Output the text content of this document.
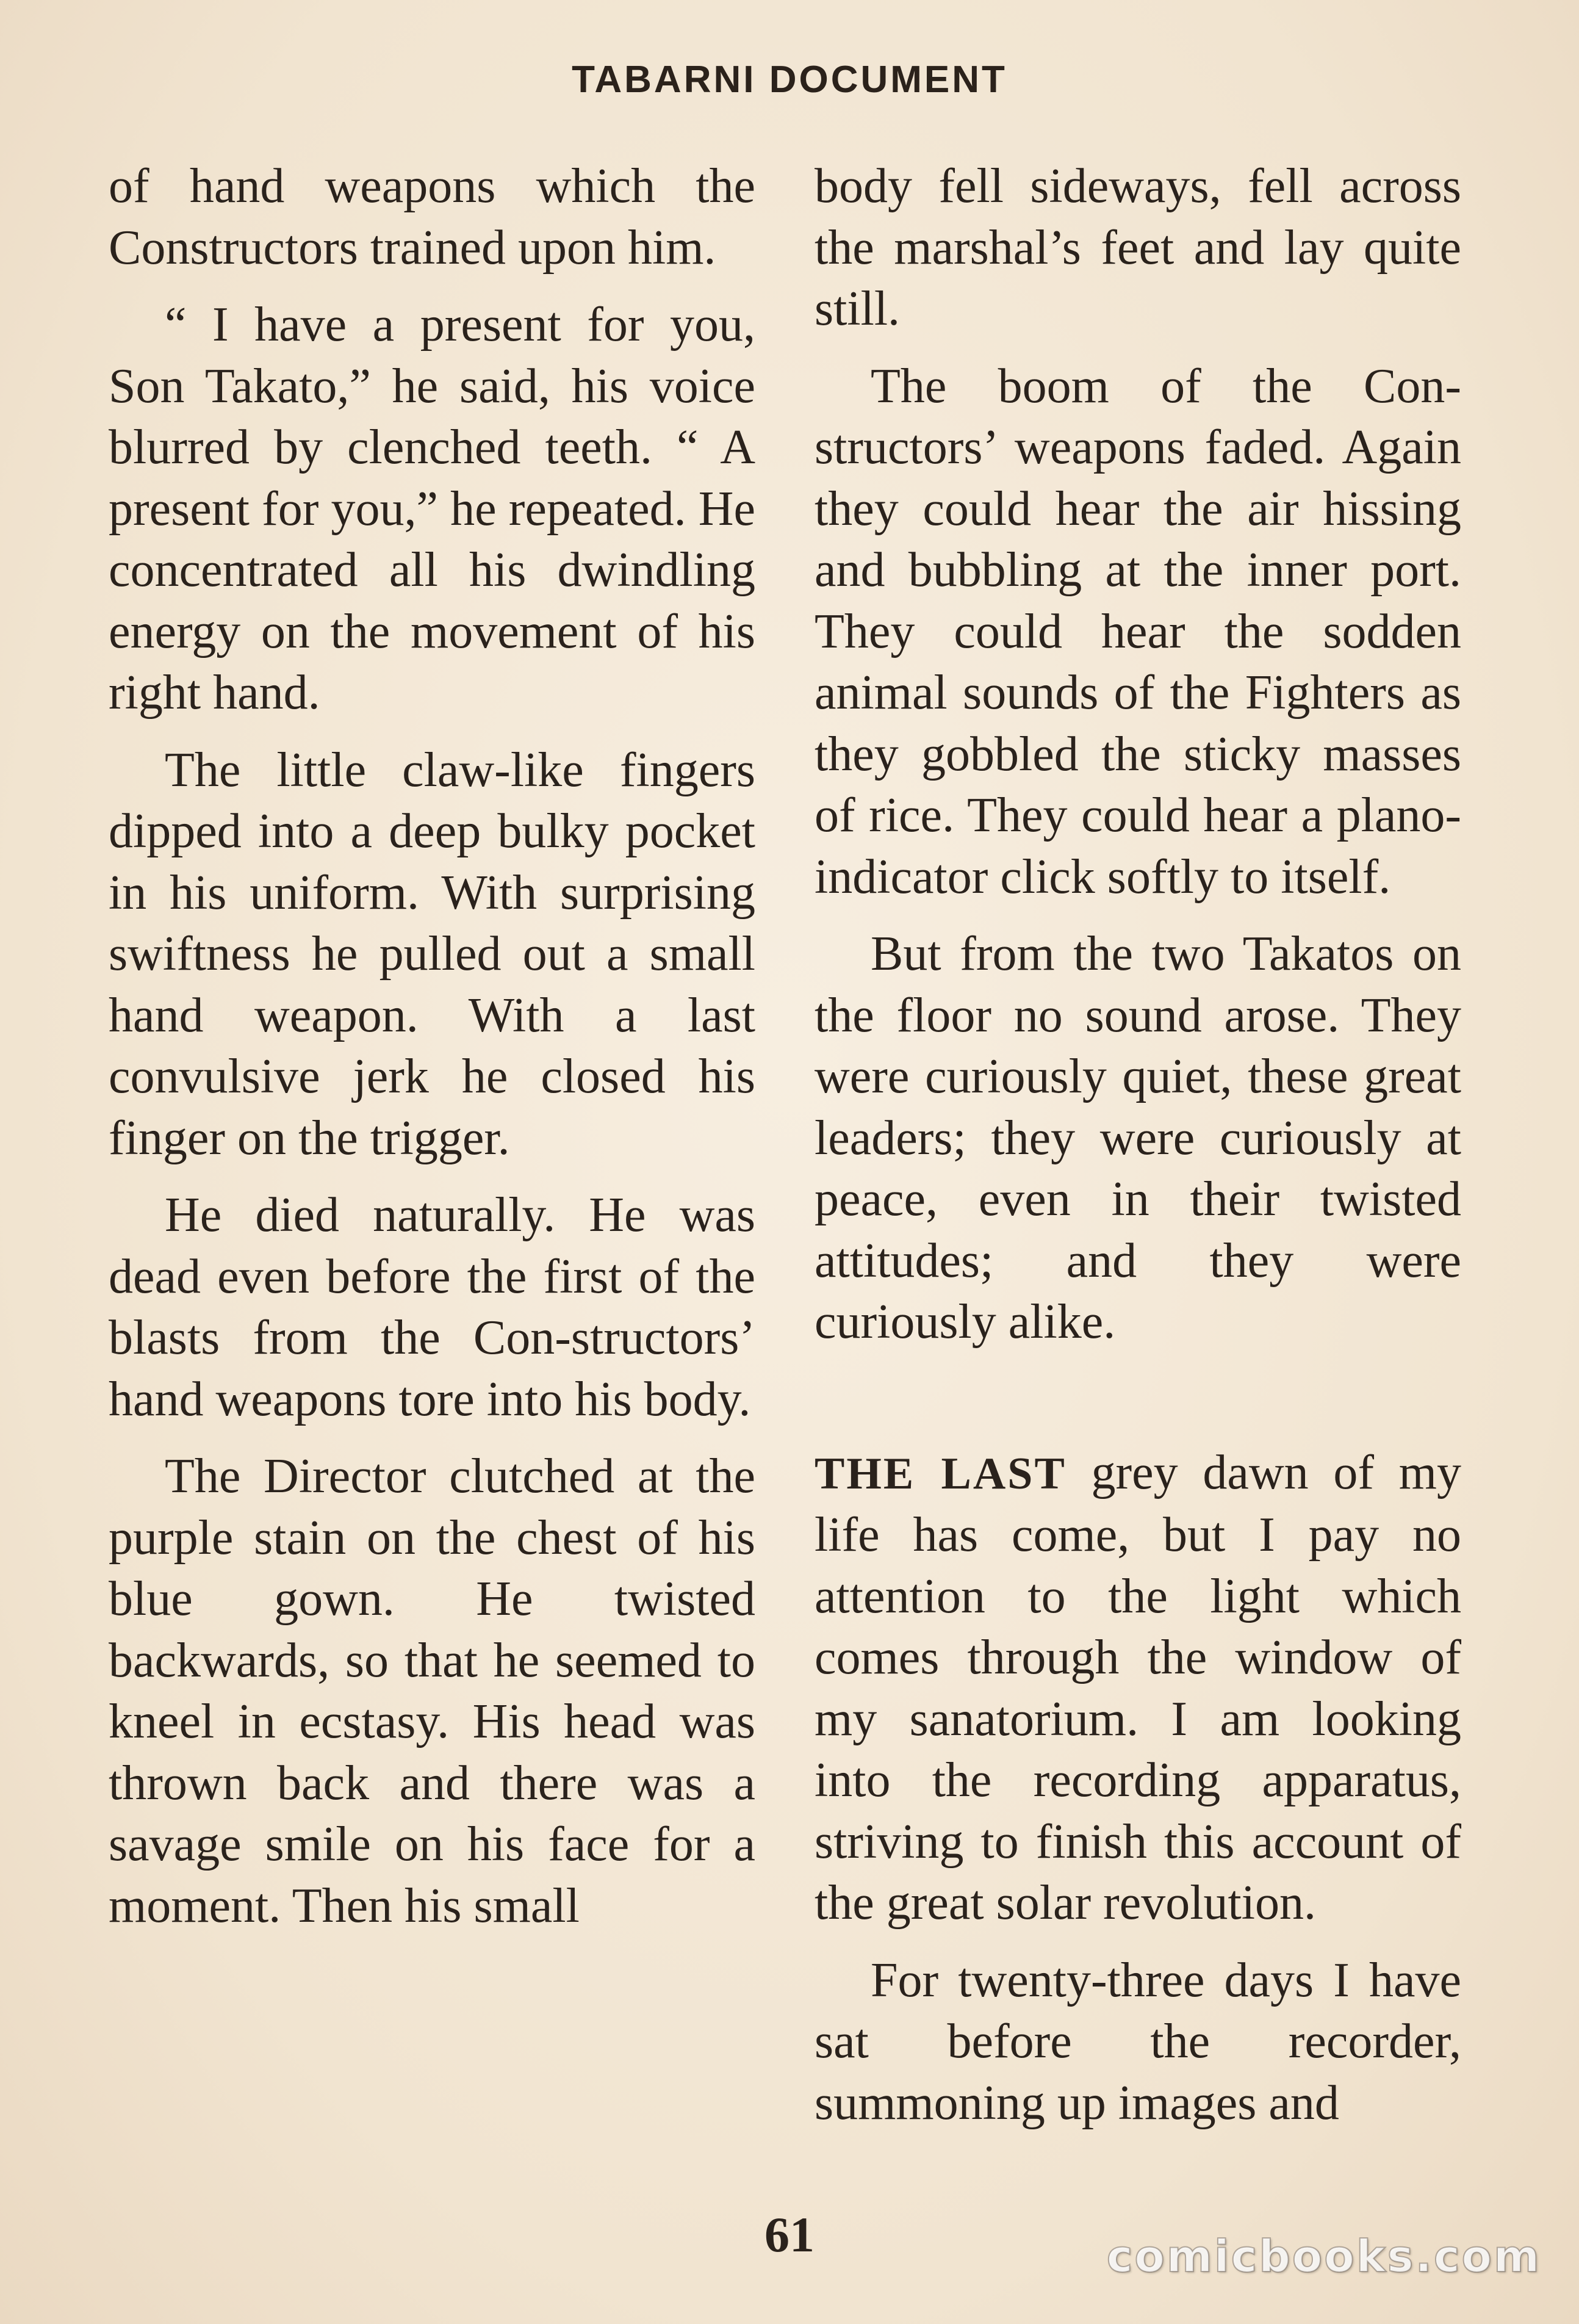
TABARNI DOCUMENT

of hand weapons which the Constructors trained upon him.

“ I have a present for you, Son Takato,” he said, his voice blurred by clenched teeth. “ A present for you,” he repeated. He concentrated all his dwindling energy on the movement of his right hand.

The little claw-like fingers dipped into a deep bulky pocket in his uniform. With surprising swiftness he pulled out a small hand weapon. With a last convulsive jerk he closed his finger on the trigger.

He died naturally. He was dead even before the first of the blasts from the Con-structors’ hand weapons tore into his body.

The Director clutched at the purple stain on the chest of his blue gown. He twisted backwards, so that he seemed to kneel in ecstasy. His head was thrown back and there was a savage smile on his face for a moment. Then his small

body fell sideways, fell across the marshal’s feet and lay quite still.

The boom of the Con-structors’ weapons faded. Again they could hear the air hissing and bubbling at the inner port. They could hear the sodden animal sounds of the Fighters as they gobbled the sticky masses of rice. They could hear a plano-indicator click softly to itself.

But from the two Takatos on the floor no sound arose. They were curiously quiet, these great leaders; they were curiously at peace, even in their twisted attitudes; and they were curiously alike.

THE LAST grey dawn of my life has come, but I pay no attention to the light which comes through the window of my sanatorium. I am looking into the recording apparatus, striving to finish this account of the great solar revolution.

For twenty-three days I have sat before the recorder, summoning up images and

61	comicbooks.com
